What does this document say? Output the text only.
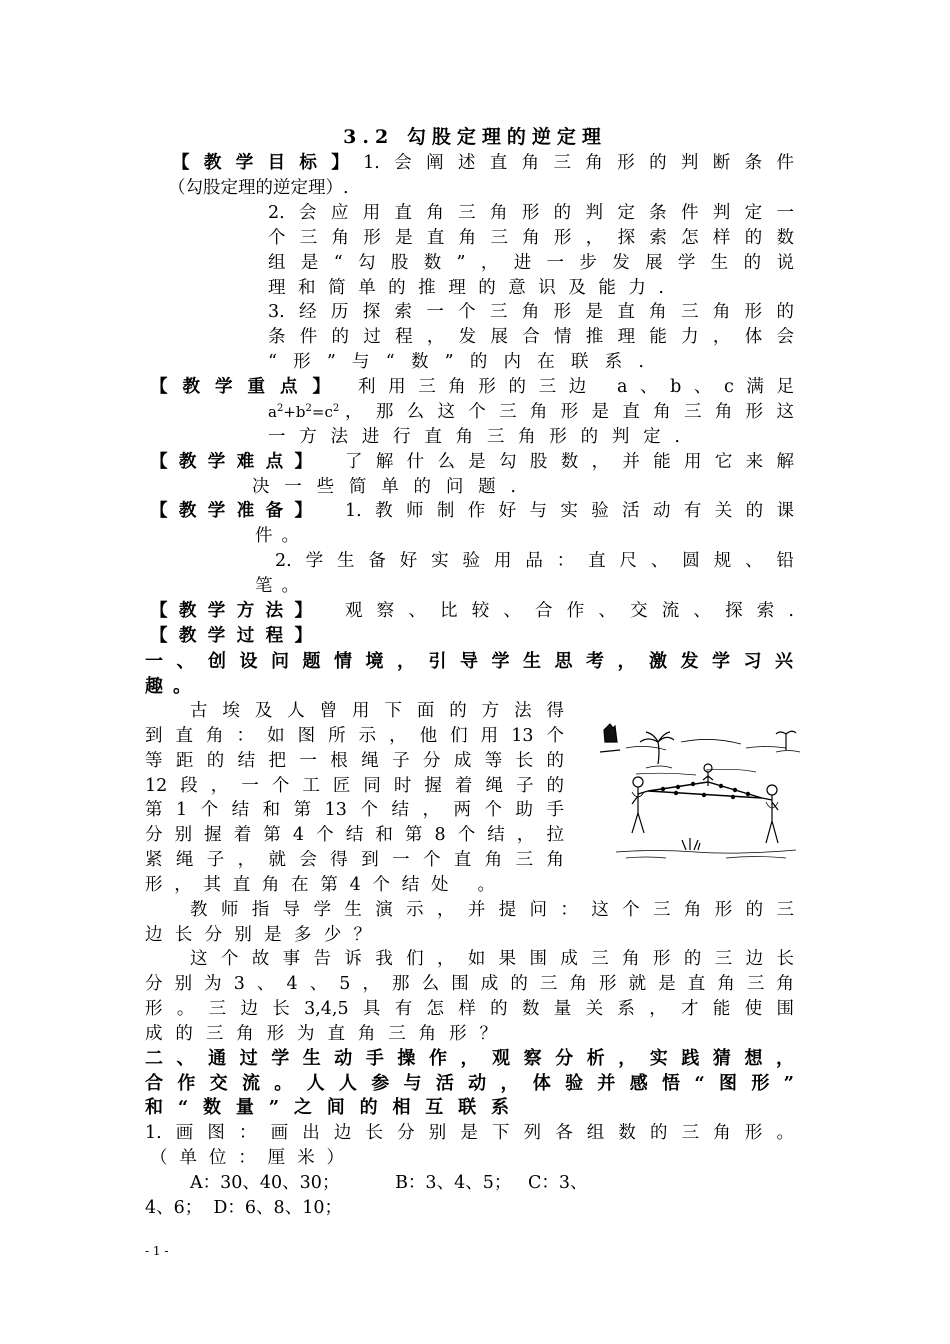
3.2 勾股定理的逆定理

【教学目标】1.会阐述直角三角形的判断条件

（勾股定理的逆定理）.

2.会应用直角三角形的判定条件判定一

个三角形是直角三角形，探索怎样的数

组是“勾股数”，进一步发展学生的说

理和简单的推理的意识及能力.

3.经历探索一个三角形是直角三角形的

条件的过程，发展合情推理能力，体会

“形”与“数”的内在联系.

【教学重点】 利用三角形的三边 a、b、c满足

$a^2+b^2=c^2$ ，那么这个三角形是直角三角形这

一方法进行直角三角形的判定.

【教学难点】 了解什么是勾股数，并能用它来解

决一些简单的问题.

【教学准备】 1.教师制作好与实验活动有关的课

件。

2.学生备好实验用品：直尺、圆规、铅

笔。

【教学方法】 观察、比较、合作、交流、探索.

【教学过程】

一、创设问题情境，引导学生思考，激发学习兴

趣。

古埃及人曾用下面的方法得

到直角：如图所示，他们用13个

等距的结把一根绳子分成等长的

12段，一个工匠同时握着绳子的

第1个结和第13个结，两个助手

分别握着第4个结和第8个结，拉

紧绳子，就会得到一个直角三角

形，其直角在第4个结处 。

教师指导学生演示，并提问：这个三角形的三

边长分别是多少？

这个故事告诉我们，如果围成三角形的三边长

分别为3、4、5，那么围成的三角形就是直角三角

形。三边长3,4,5具有怎样的数量关系，才能使围

成的三角形为直角三角形？

二、通过学生动手操作，观察分析，实践猜想，

合作交流。人人参与活动，体验并感悟“图形”

和“数量”之间的相互联系

1.画图：画出边长分别是下列各组数的三角形。

（单位：厘米）

A：30、40、30；          B：3、4、5；   C：3、

4、6；  D：6、8、10；

- 1 -
